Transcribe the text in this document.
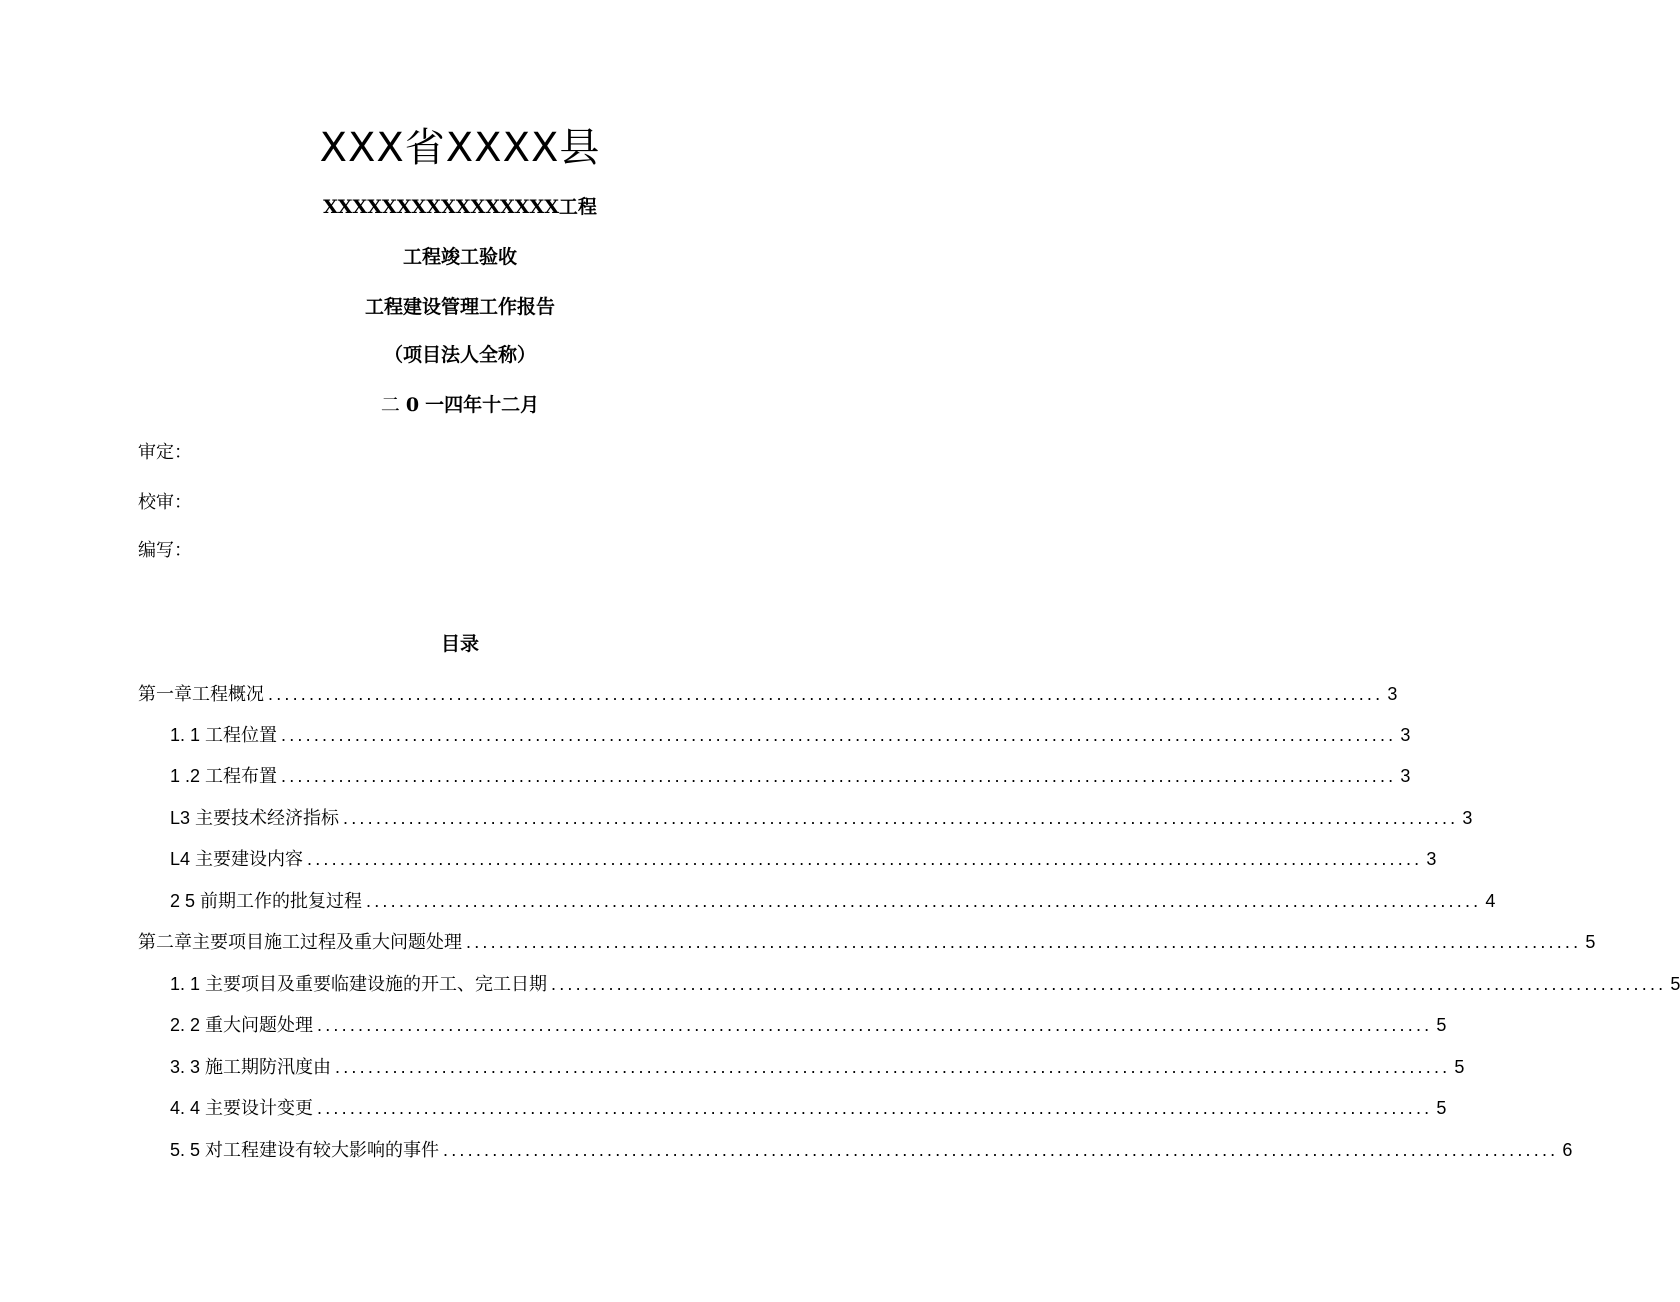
XXX省XXXX县
XXXXXXXXXXXXXXXX工程
工程竣工验收
工程建设管理工作报告
（项目法人全称）
二 0 一四年十二月
审定：
校审：
编写：
目录
第一章工程概况 ........................................................................................................................................ 3
1. 1 工程位置 ........................................................................................................................................ 3
1 .2 工程布置 ........................................................................................................................................ 3
L3 主要技术经济指标 ........................................................................................................................................ 3
L4 主要建设内容 ........................................................................................................................................ 3
2 5 前期工作的批复过程 ........................................................................................................................................ 4
第二章主要项目施工过程及重大问题处理 ........................................................................................................................................ 5
1. 1 主要项目及重要临建设施的开工、完工日期 ........................................................................................................................................ 5
2. 2 重大问题处理 ........................................................................................................................................ 5
3. 3 施工期防汛度由 ........................................................................................................................................ 5
4. 4 主要设计变更 ........................................................................................................................................ 5
5. 5 对工程建设有较大影响的事件 ........................................................................................................................................ 6
